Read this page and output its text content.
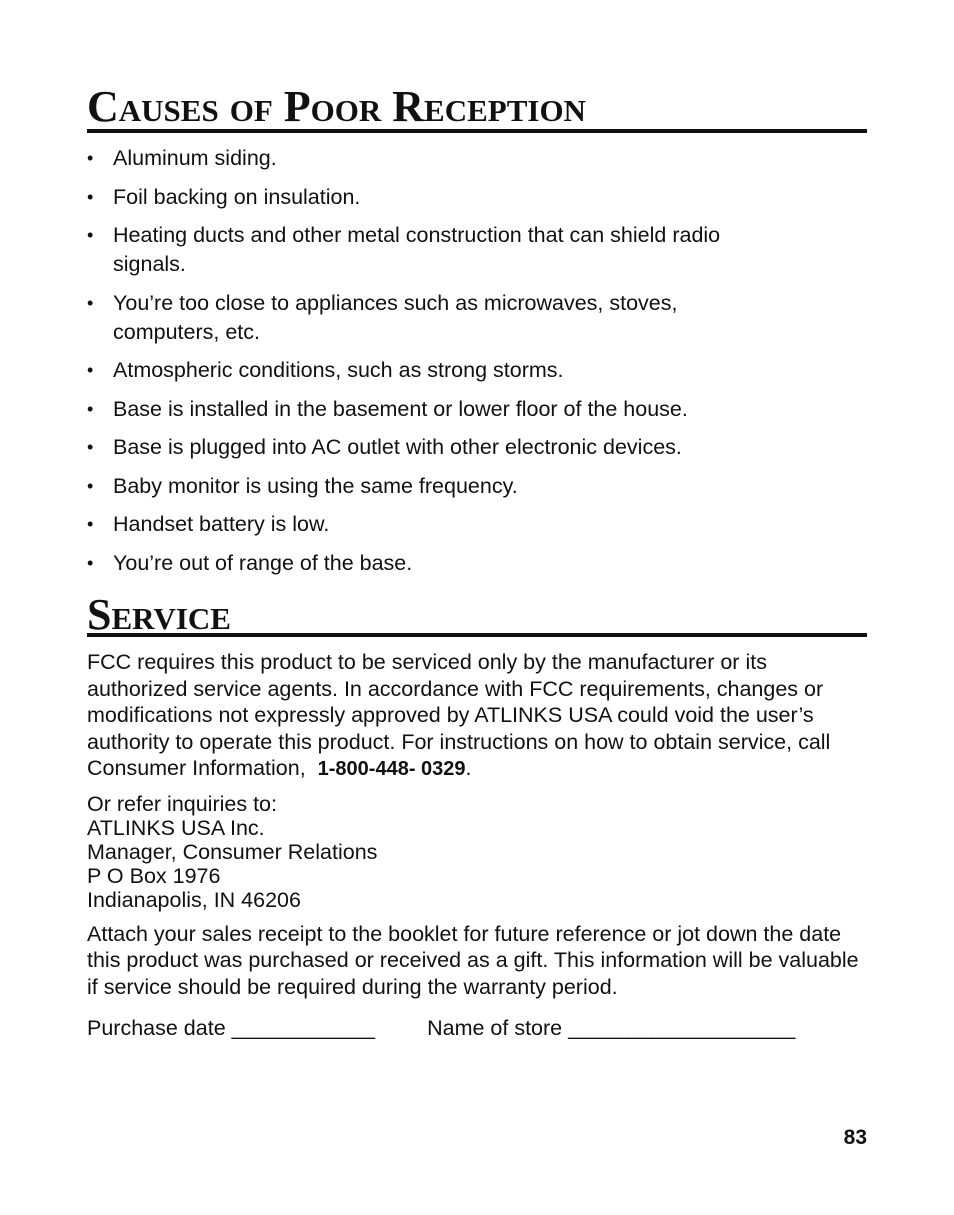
Causes of Poor Reception
• Aluminum siding.
• Foil backing on insulation.
• Heating ducts and other metal construction that can shield radio signals.
• You’re too close to appliances such as microwaves, stoves, computers, etc.
• Atmospheric conditions, such as strong storms.
• Base is installed in the basement or lower floor of the house.
• Base is plugged into AC outlet with other electronic devices.
• Baby monitor is using the same frequency.
• Handset battery is low.
• You’re out of range of the base.
Service

FCC requires this product to be serviced only by the manufacturer or its authorized service agents. In accordance with FCC requirements, changes or modifications not expressly approved by ATLINKS USA could void the user’s authority to operate this product. For instructions on how to obtain service, call Consumer Information, 1-800-448- 0329.

Or refer inquiries to:
ATLINKS USA Inc.
Manager, Consumer Relations
P O Box 1976
Indianapolis, IN 46206

Attach your sales receipt to the booklet for future reference or jot down the date this product was purchased or received as a gift. This information will be valuable if service should be required during the warranty period.

Purchase date ____________ Name of store ___________________
83
